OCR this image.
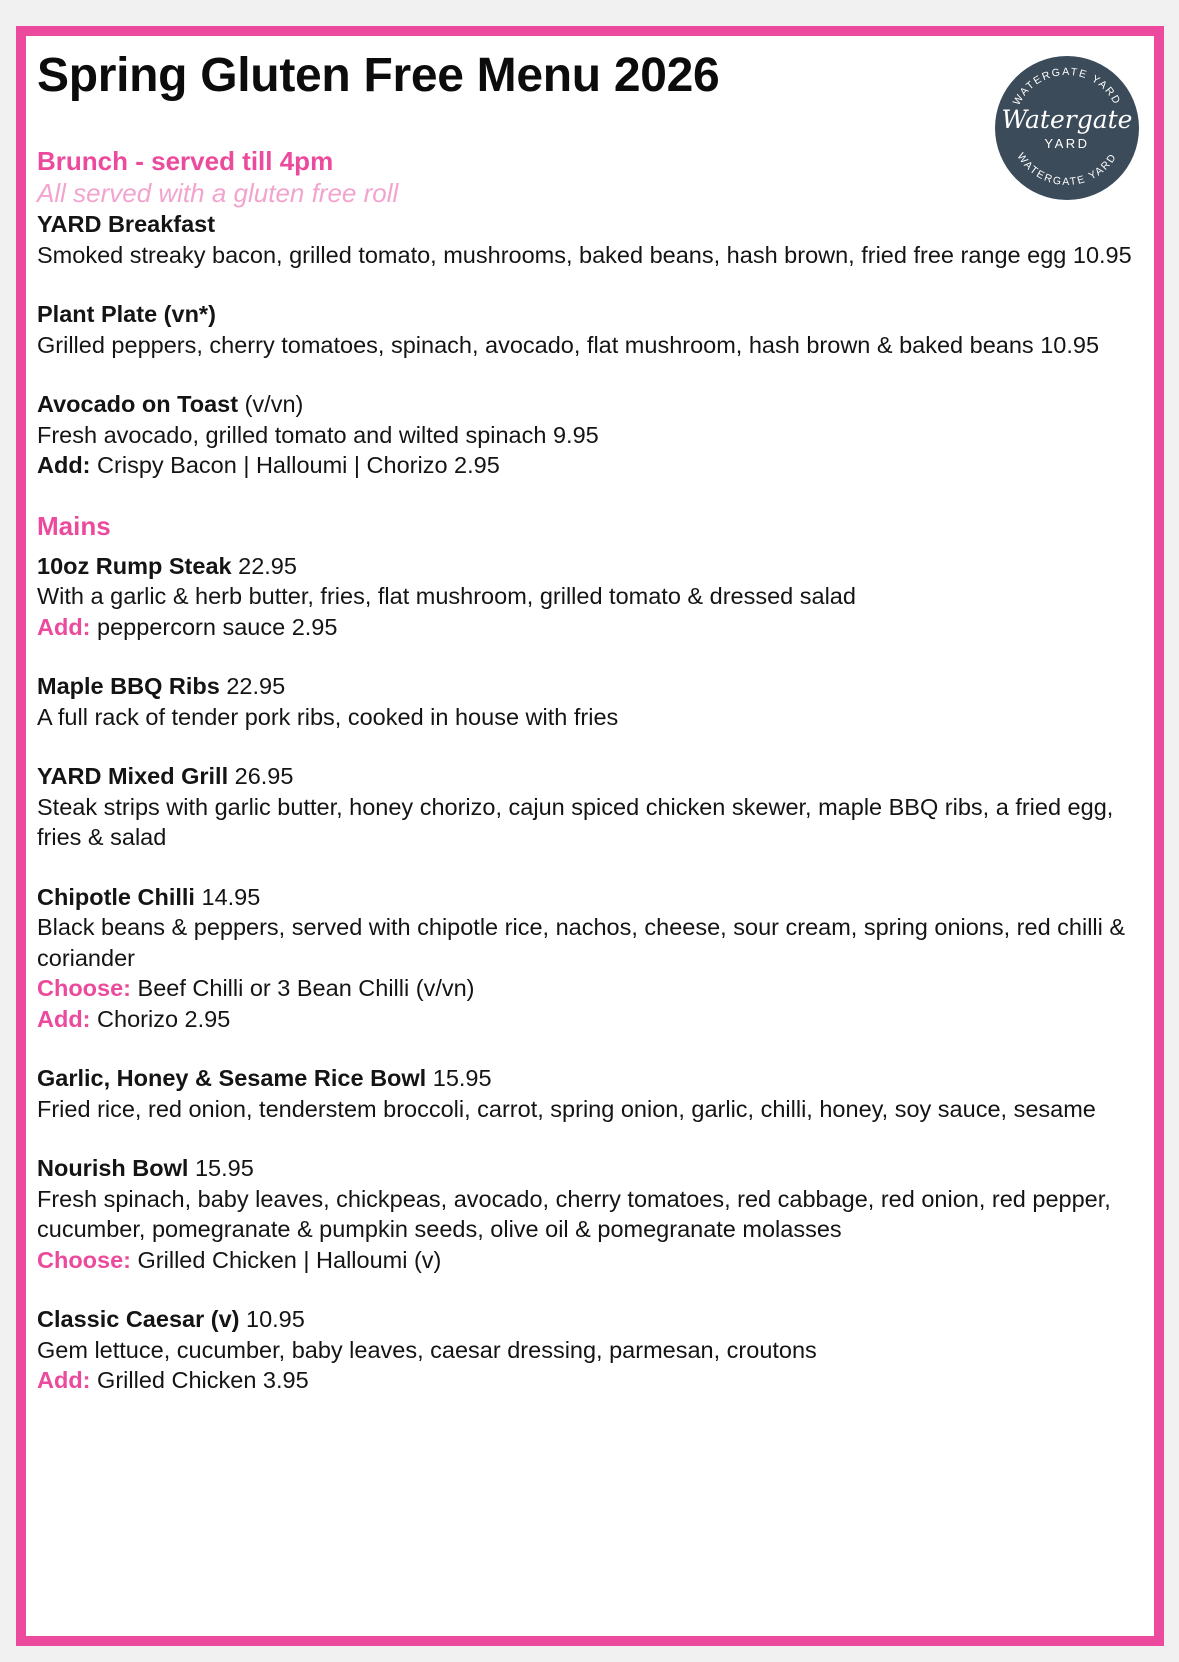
Spring Gluten Free Menu 2026	WATERGATE YARD
WATERGATE YARD
Watergate
YARD
Brunch - served till 4pm
All served with a gluten free roll
YARD Breakfast
Smoked streaky bacon, grilled tomato, mushrooms, baked beans, hash brown, fried free range egg 10.95
Plant Plate (vn*)
Grilled peppers, cherry tomatoes, spinach, avocado, flat mushroom, hash brown & baked beans 10.95
Avocado on Toast (v/vn)
Fresh avocado, grilled tomato and wilted spinach 9.95
Add: Crispy Bacon | Halloumi | Chorizo 2.95
Mains
10oz Rump Steak 22.95
With a garlic & herb butter, fries, flat mushroom, grilled tomato & dressed salad
Add: peppercorn sauce 2.95
Maple BBQ Ribs 22.95
A full rack of tender pork ribs, cooked in house with fries
YARD Mixed Grill 26.95
Steak strips with garlic butter, honey chorizo, cajun spiced chicken skewer, maple BBQ ribs, a fried egg, fries & salad
Chipotle Chilli 14.95
Black beans & peppers, served with chipotle rice, nachos, cheese, sour cream, spring onions, red chilli & coriander
Choose: Beef Chilli or 3 Bean Chilli (v/vn)
Add: Chorizo 2.95
Garlic, Honey & Sesame Rice Bowl 15.95
Fried rice, red onion, tenderstem broccoli, carrot, spring onion, garlic, chilli, honey, soy sauce, sesame
Nourish Bowl 15.95
Fresh spinach, baby leaves, chickpeas, avocado, cherry tomatoes, red cabbage, red onion, red pepper, cucumber, pomegranate & pumpkin seeds, olive oil & pomegranate molasses
Choose: Grilled Chicken | Halloumi (v)
Classic Caesar (v) 10.95
Gem lettuce, cucumber, baby leaves, caesar dressing, parmesan, croutons
Add: Grilled Chicken 3.95
